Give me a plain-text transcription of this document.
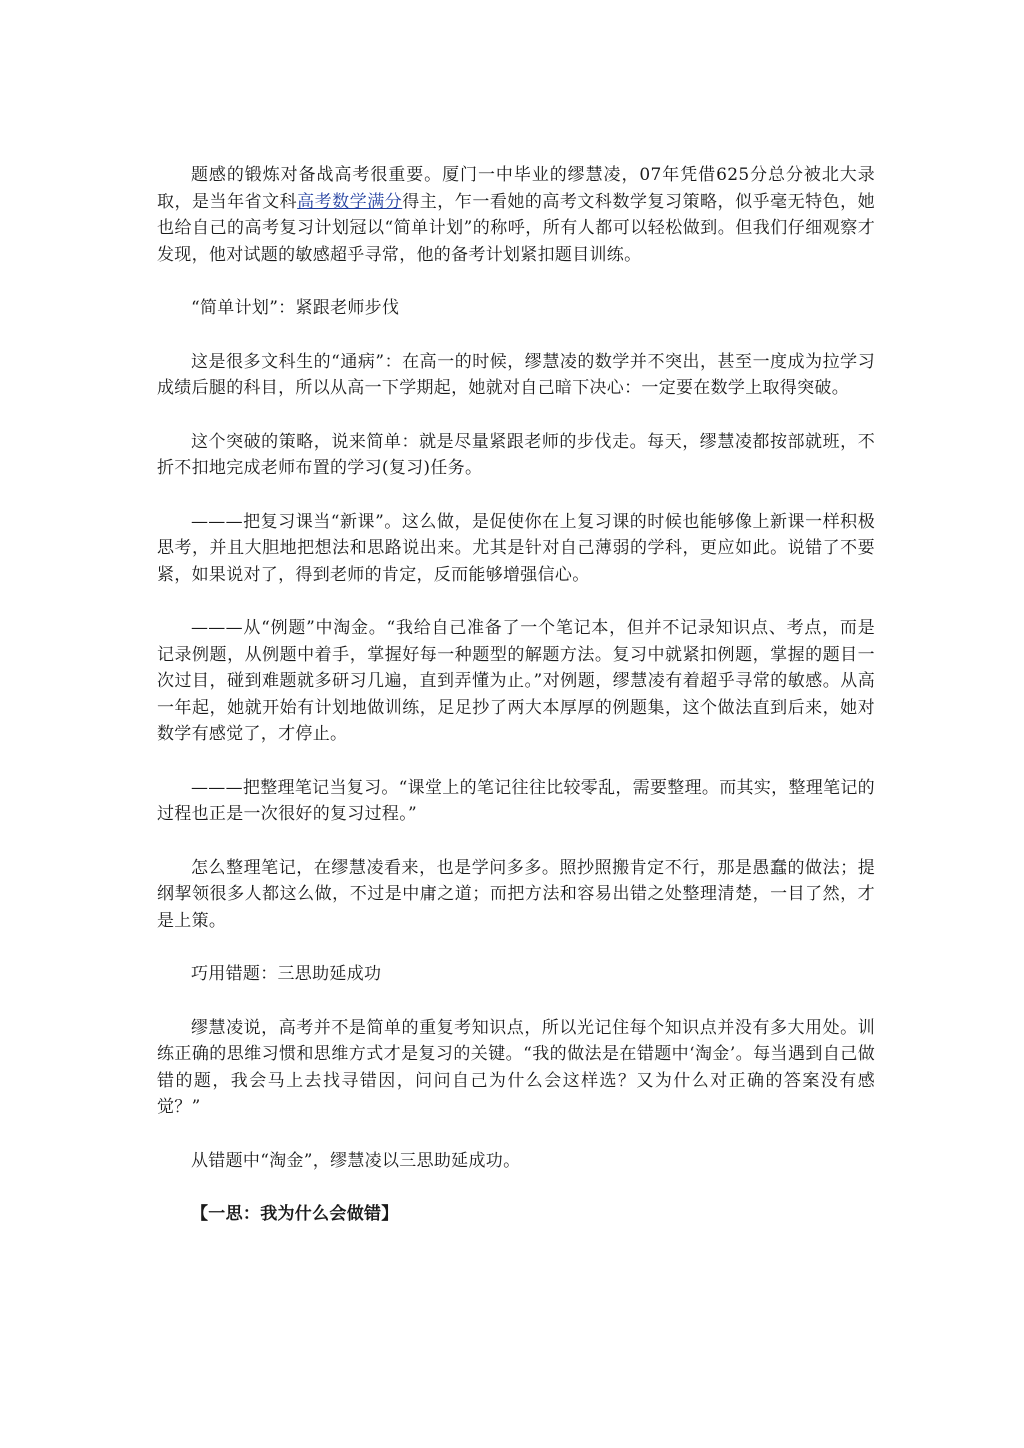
题感的锻炼对备战高考很重要。厦门一中毕业的缪慧凌，07年凭借625分总分被北大录取，是当年省文科高考数学满分得主，乍一看她的高考文科数学复习策略，似乎毫无特色，她也给自己的高考复习计划冠以“简单计划”的称呼，所有人都可以轻松做到。但我们仔细观察才发现，他对试题的敏感超乎寻常，他的备考计划紧扣题目训练。

“简单计划”：紧跟老师步伐

这是很多文科生的“通病”：在高一的时候，缪慧凌的数学并不突出，甚至一度成为拉学习成绩后腿的科目，所以从高一下学期起，她就对自己暗下决心：一定要在数学上取得突破。

这个突破的策略，说来简单：就是尽量紧跟老师的步伐走。每天，缪慧凌都按部就班，不折不扣地完成老师布置的学习(复习)任务。

———把复习课当“新课”。这么做，是促使你在上复习课的时候也能够像上新课一样积极思考，并且大胆地把想法和思路说出来。尤其是针对自己薄弱的学科，更应如此。说错了不要紧，如果说对了，得到老师的肯定，反而能够增强信心。

———从“例题”中淘金。“我给自己准备了一个笔记本，但并不记录知识点、考点，而是记录例题，从例题中着手，掌握好每一种题型的解题方法。复习中就紧扣例题，掌握的题目一次过目，碰到难题就多研习几遍，直到弄懂为止。”对例题，缪慧凌有着超乎寻常的敏感。从高一年起，她就开始有计划地做训练，足足抄了两大本厚厚的例题集，这个做法直到后来，她对数学有感觉了，才停止。

———把整理笔记当复习。“课堂上的笔记往往比较零乱，需要整理。而其实，整理笔记的过程也正是一次很好的复习过程。”

怎么整理笔记，在缪慧凌看来，也是学问多多。照抄照搬肯定不行，那是愚蠢的做法；提纲挈领很多人都这么做，不过是中庸之道；而把方法和容易出错之处整理清楚，一目了然，才是上策。

巧用错题：三思助延成功

缪慧凌说，高考并不是简单的重复考知识点，所以光记住每个知识点并没有多大用处。训练正确的思维习惯和思维方式才是复习的关键。“我的做法是在错题中‘淘金’。每当遇到自己做错的题，我会马上去找寻错因，问问自己为什么会这样选？又为什么对正确的答案没有感觉？”

从错题中“淘金”，缪慧凌以三思助延成功。

【一思：我为什么会做错】
